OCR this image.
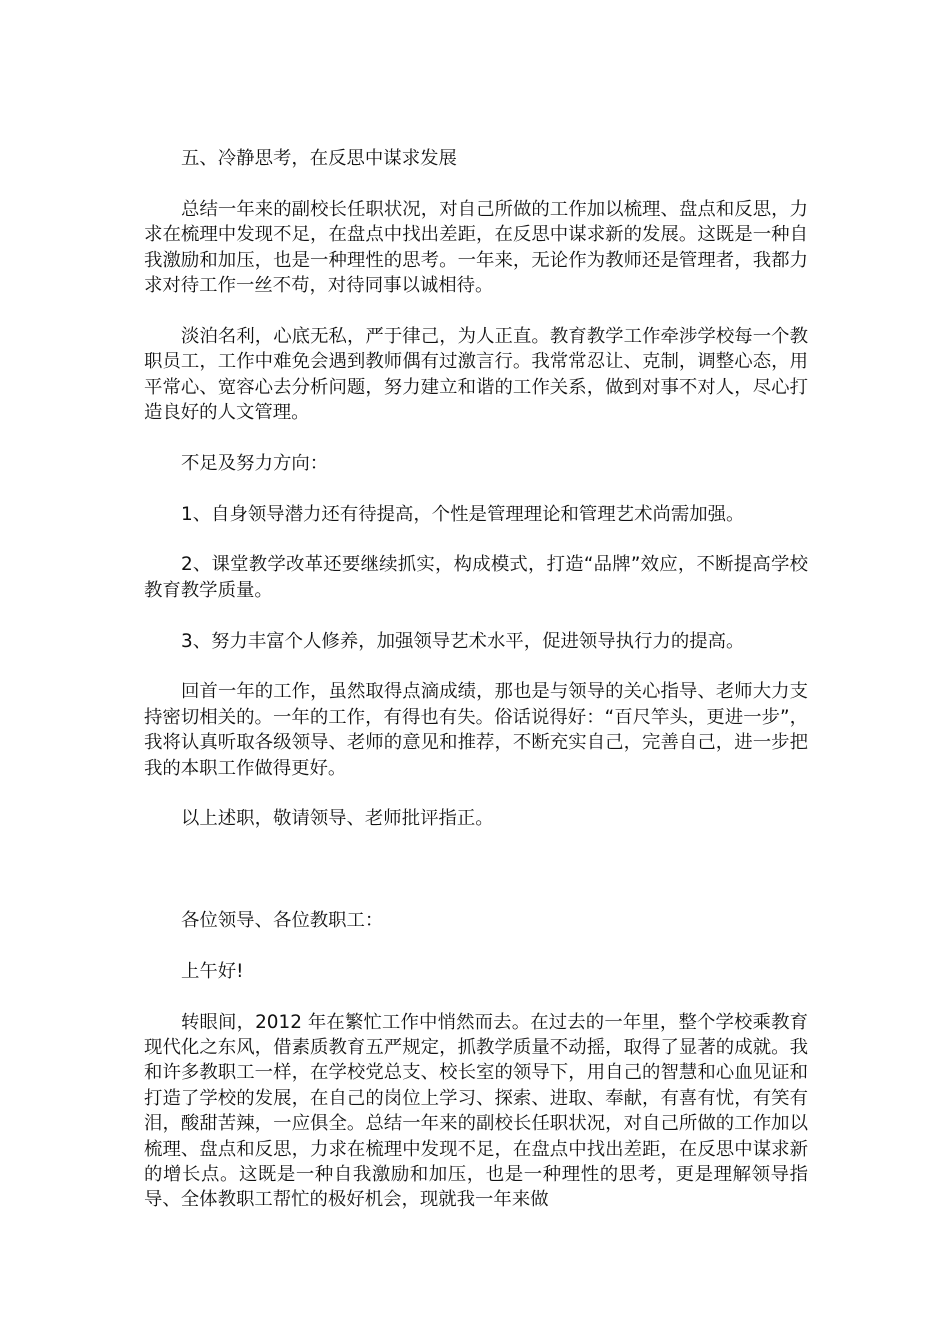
五、冷静思考，在反思中谋求发展

总结一年来的副校长任职状况，对自己所做的工作加以梳理、盘点和反思，力求在梳理中发现不足，在盘点中找出差距，在反思中谋求新的发展。这既是一种自我激励和加压，也是一种理性的思考。一年来，无论作为教师还是管理者，我都力求对待工作一丝不苟，对待同事以诚相待。

淡泊名利，心底无私，严于律己，为人正直。教育教学工作牵涉学校每一个教职员工，工作中难免会遇到教师偶有过激言行。我常常忍让、克制，调整心态，用平常心、宽容心去分析问题，努力建立和谐的工作关系，做到对事不对人，尽心打造良好的人文管理。

不足及努力方向：

1、自身领导潜力还有待提高，个性是管理理论和管理艺术尚需加强。

2、课堂教学改革还要继续抓实，构成模式，打造“品牌”效应，不断提高学校教育教学质量。

3、努力丰富个人修养，加强领导艺术水平，促进领导执行力的提高。

回首一年的工作，虽然取得点滴成绩，那也是与领导的关心指导、老师大力支持密切相关的。一年的工作，有得也有失。俗话说得好：“百尺竿头，更进一步”，我将认真听取各级领导、老师的意见和推荐，不断充实自己，完善自己，进一步把我的本职工作做得更好。

以上述职，敬请领导、老师批评指正。

各位领导、各位教职工：

上午好!

转眼间，2012 年在繁忙工作中悄然而去。在过去的一年里，整个学校乘教育现代化之东风，借素质教育五严规定，抓教学质量不动摇，取得了显著的成就。我和许多教职工一样，在学校党总支、校长室的领导下，用自己的智慧和心血见证和打造了学校的发展，在自己的岗位上学习、探索、进取、奉献，有喜有忧，有笑有泪，酸甜苦辣，一应俱全。总结一年来的副校长任职状况，对自己所做的工作加以梳理、盘点和反思，力求在梳理中发现不足，在盘点中找出差距，在反思中谋求新的增长点。这既是一种自我激励和加压，也是一种理性的思考，更是理解领导指导、全体教职工帮忙的极好机会，现就我一年来做
